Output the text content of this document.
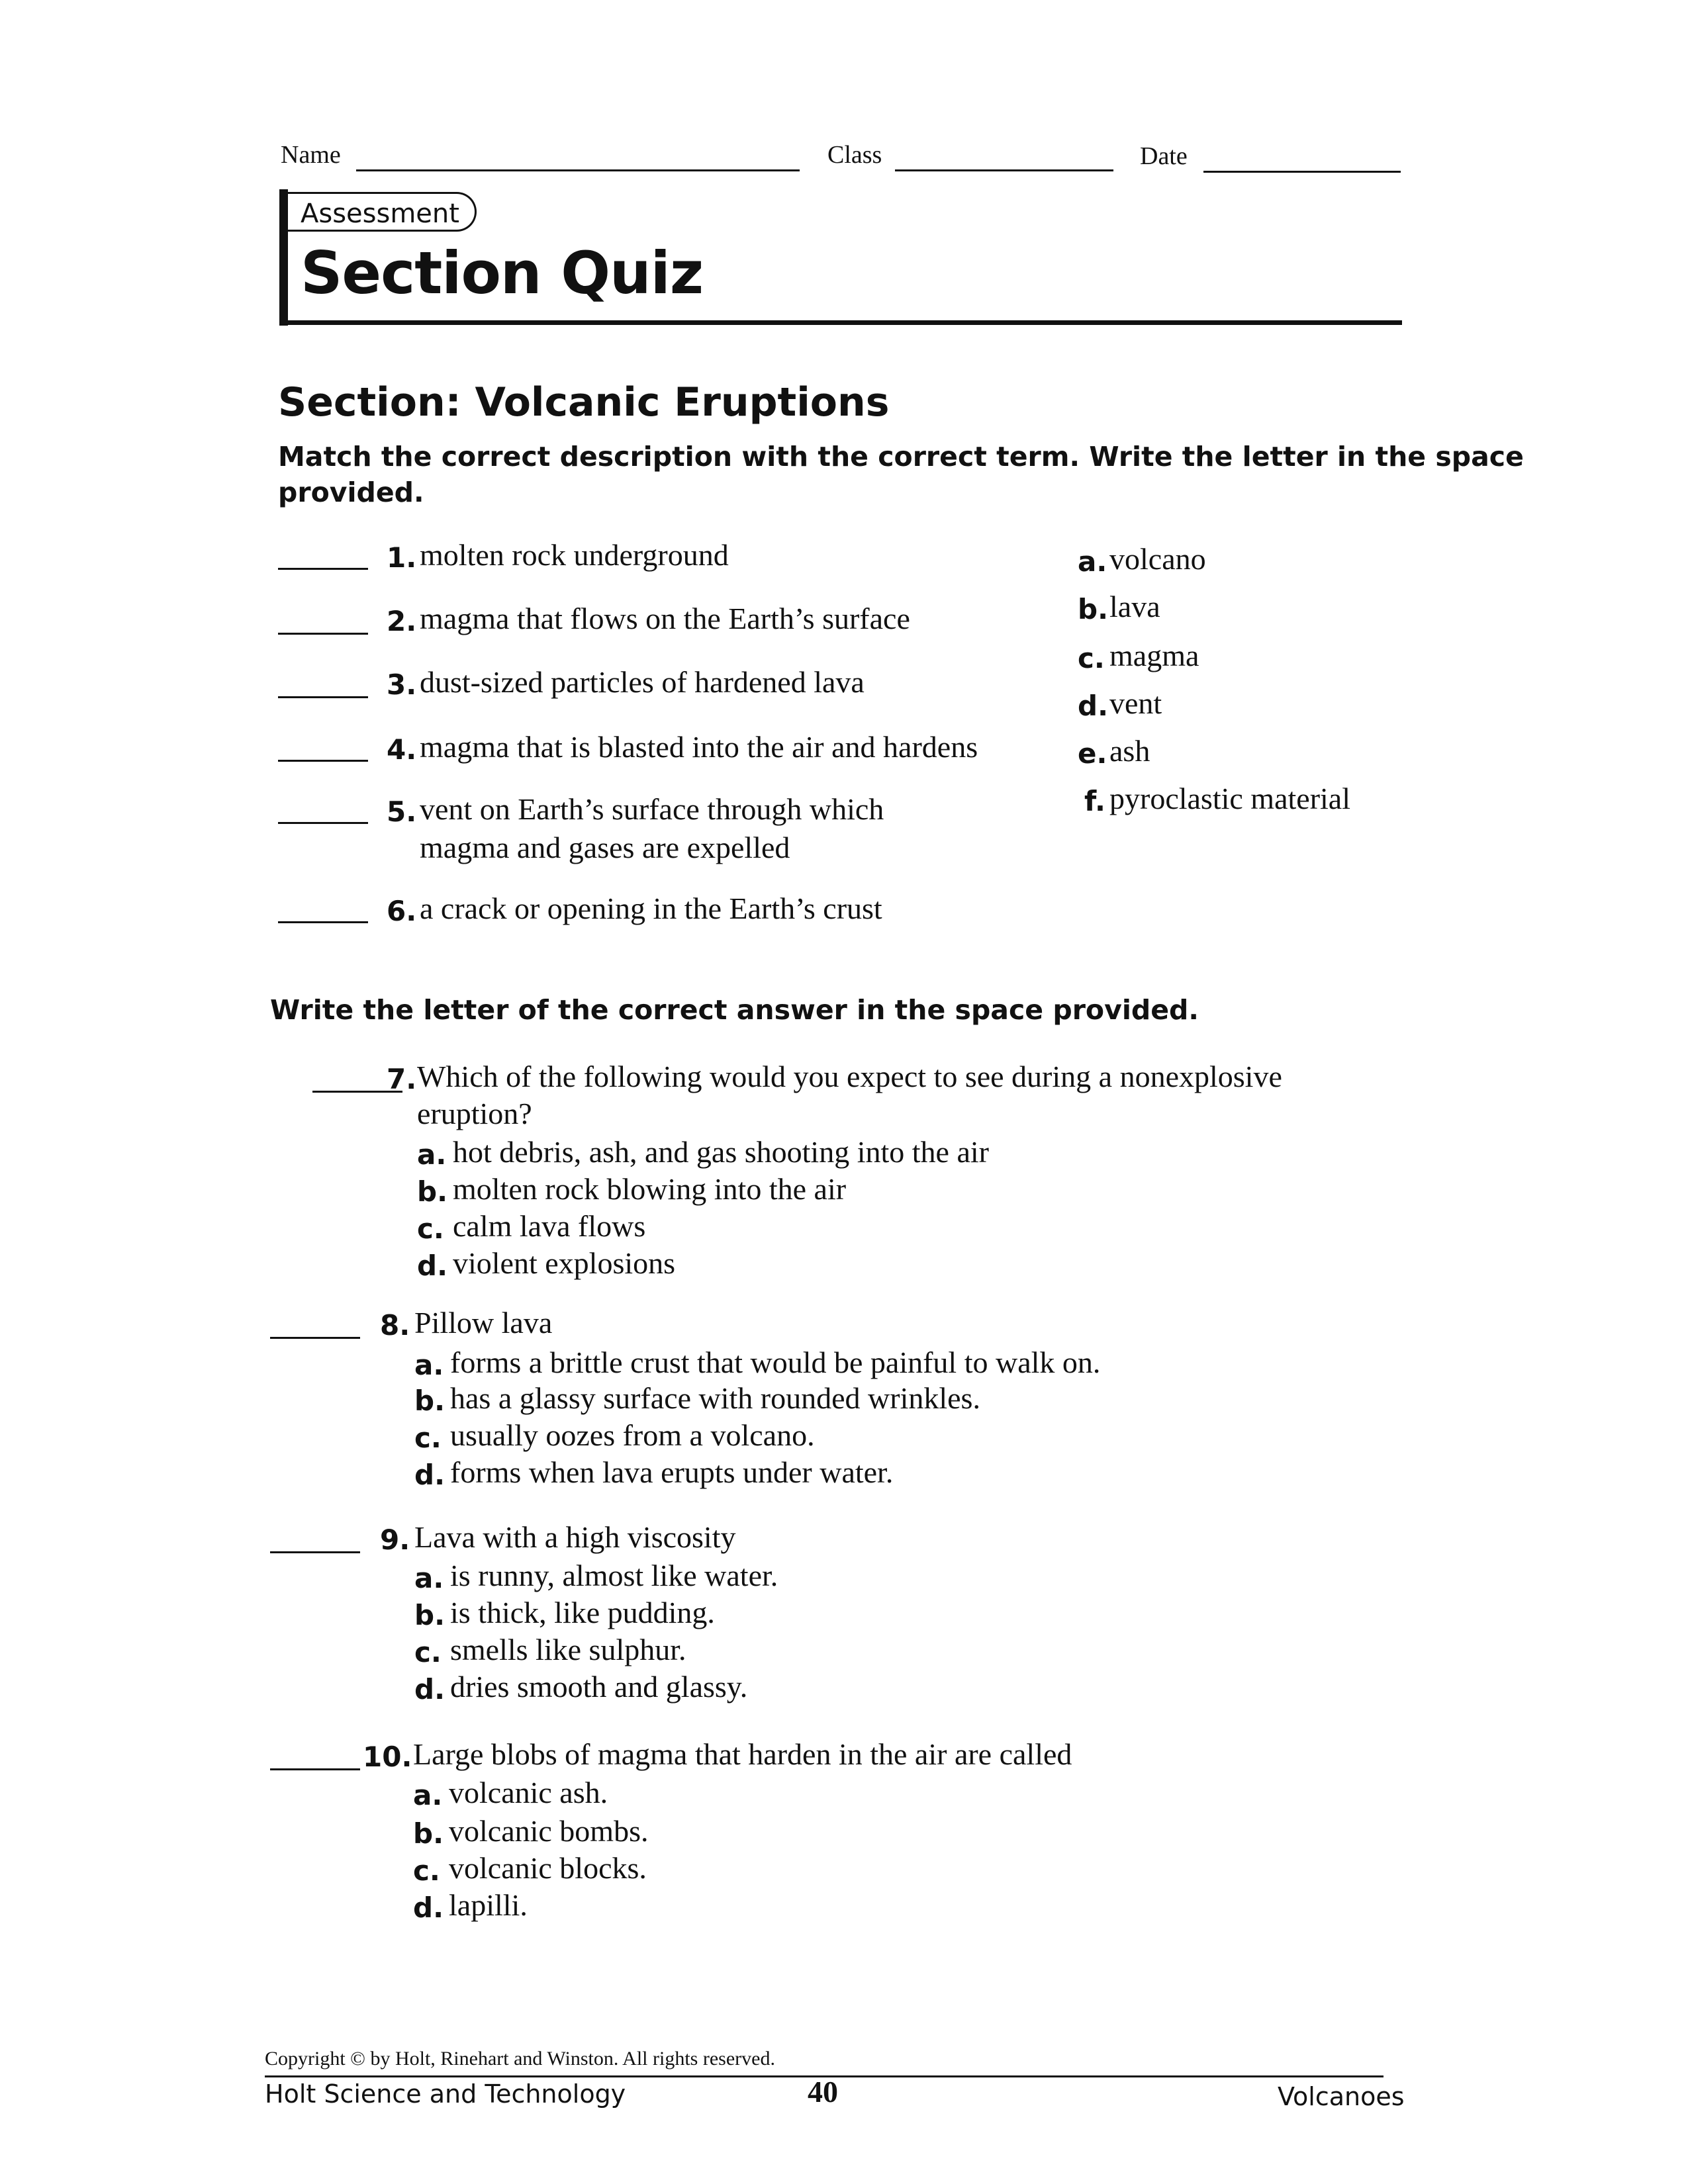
Name	Class	Date
Assessment
Section Quiz
Section: Volcanic Eruptions
Match the correct description with the correct term. Write the letter in the space
provided.
1. molten rock underground
2. magma that flows on the Earth’s surface
3. dust-sized particles of hardened lava
4. magma that is blasted into the air and hardens
5. vent on Earth’s surface through which
magma and gases are expelled
6. a crack or opening in the Earth’s crust
a. volcano
b. lava
c. magma
d. vent
e. ash
f. pyroclastic material
Write the letter of the correct answer in the space provided.
7. Which of the following would you expect to see during a nonexplosive
eruption?
a. hot debris, ash, and gas shooting into the air
b. molten rock blowing into the air
c. calm lava flows
d. violent explosions
8. Pillow lava
a. forms a brittle crust that would be painful to walk on.
b. has a glassy surface with rounded wrinkles.
c. usually oozes from a volcano.
d. forms when lava erupts under water.
9. Lava with a high viscosity
a. is runny, almost like water.
b. is thick, like pudding.
c. smells like sulphur.
d. dries smooth and glassy.
10. Large blobs of magma that harden in the air are called
a. volcanic ash.
b. volcanic bombs.
c. volcanic blocks.
d. lapilli.
Copyright © by Holt, Rinehart and Winston. All rights reserved.
Holt Science and Technology	40	Volcanoes
